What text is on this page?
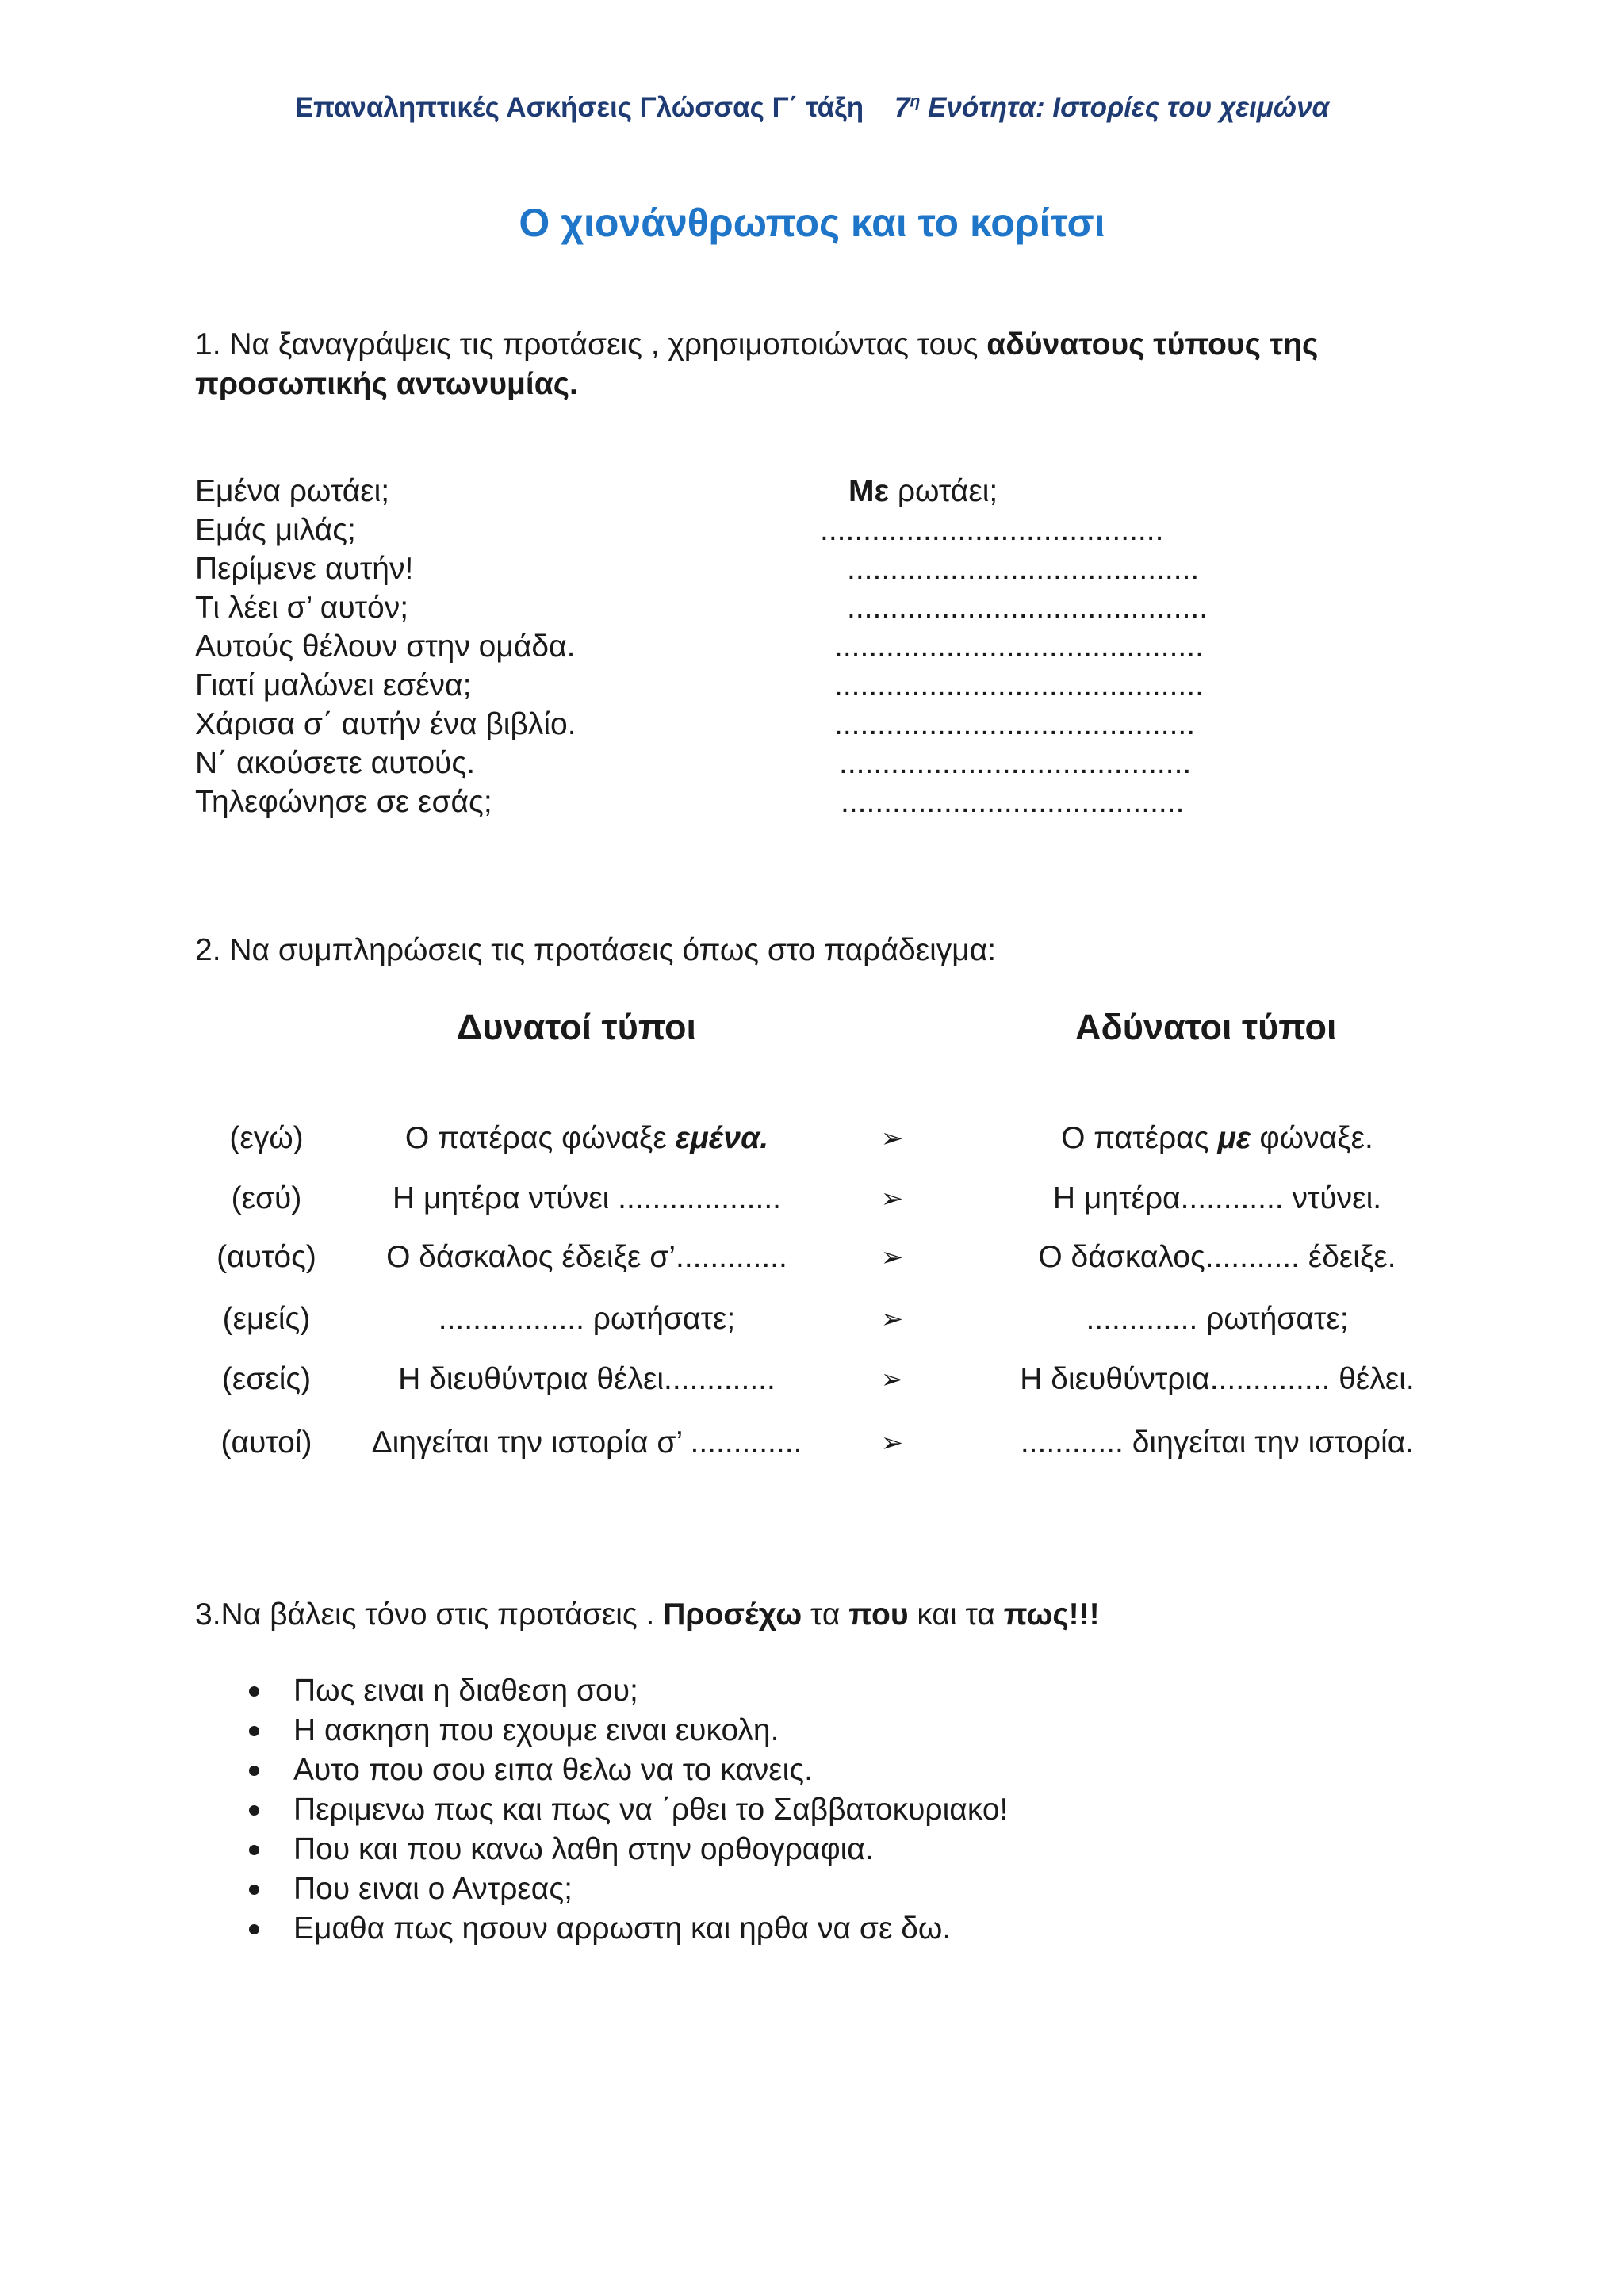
Επαναληπτικές Ασκήσεις Γλώσσας Γ΄ τάξη $7^\eta$ Ενότητα: Ιστορίες του χειμώνα
Ο χιονάνθρωπος και το κορίτσι
1. Να ξαναγράψεις τις προτάσεις , χρησιμοποιώντας τους αδύνατους τύπους της προσωπικής αντωνυμίας.
Εμένα ρωτάει;	Με ρωτάει;
Εμάς μιλάς;	........................................
Περίμενε αυτήν!	.........................................
Τι λέει σ’ αυτόν;	..........................................
Αυτούς θέλουν στην ομάδα.	...........................................
Γιατί μαλώνει εσένα;	...........................................
Χάρισα σ΄ αυτήν ένα βιβλίο.	..........................................
Ν΄ ακούσετε αυτούς.	.........................................
Τηλεφώνησε σε εσάς;	........................................
2. Να συμπληρώσεις τις προτάσεις όπως στο παράδειγμα:
Δυνατοί τύποι	Αδύνατοι τύποι
(εγώ)	Ο πατέρας φώναξε εμένα.	➢	Ο πατέρας με φώναξε.
(εσύ)	Η μητέρα ντύνει ...................	➢	Η μητέρα............ ντύνει.
(αυτός)	Ο δάσκαλος έδειξε σ’.............	➢	Ο δάσκαλος........... έδειξε.
(εμείς)	................. ρωτήσατε;	➢	............. ρωτήσατε;
(εσείς)	Η διευθύντρια θέλει.............	➢	Η διευθύντρια.............. θέλει.
(αυτοί)	Διηγείται την ιστορία σ’ .............	➢	............ διηγείται την ιστορία.
3.Να βάλεις τόνο στις προτάσεις . Προσέχω τα που και τα πως!!!
Πως ειναι η διαθεση σου;
Η ασκηση που εχουμε ειναι ευκολη.
Αυτο που σου ειπα θελω να το κανεις.
Περιμενω πως και πως να ΄ρθει το Σαββατοκυριακο!
Που και που κανω λαθη στην ορθογραφια.
Που ειναι ο Αντρεας;
Εμαθα πως ησουν αρρωστη και ηρθα να σε δω.
